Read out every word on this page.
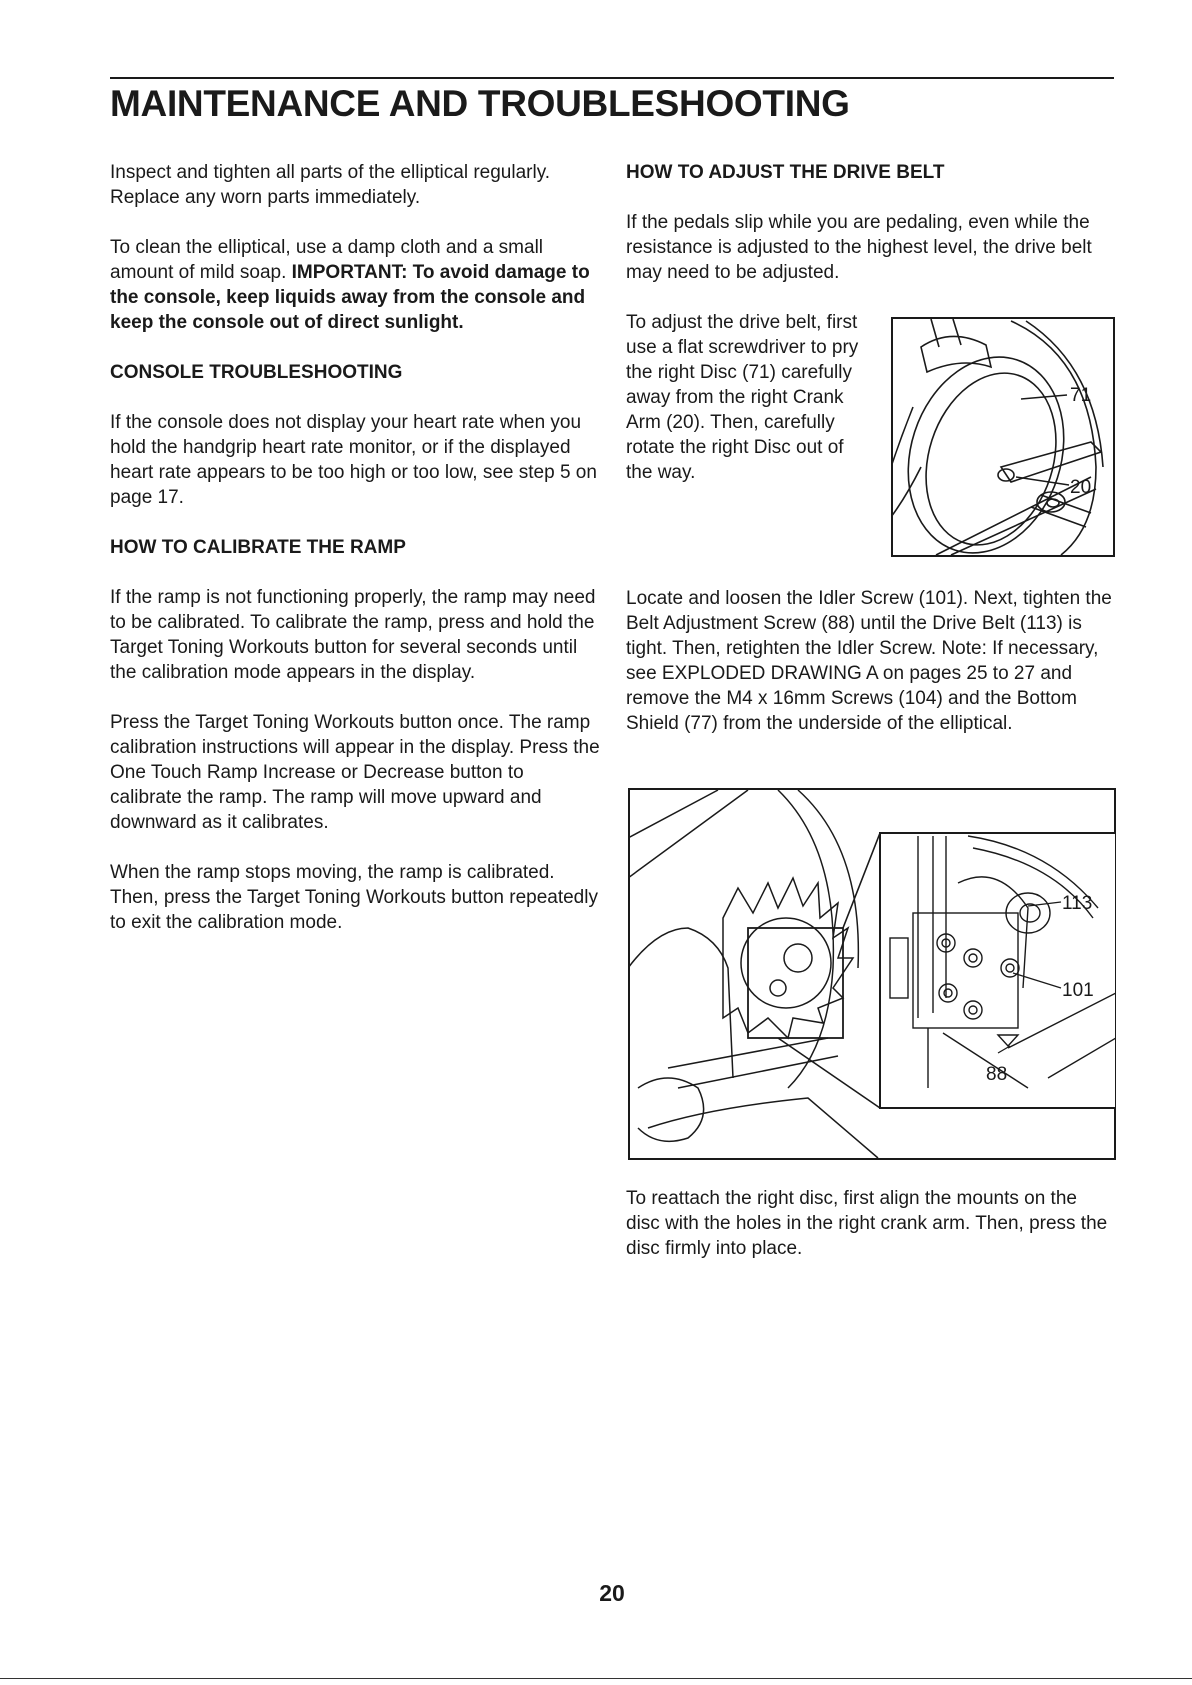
MAINTENANCE AND TROUBLESHOOTING

Inspect and tighten all parts of the elliptical regularly. Replace any worn parts immediately.

To clean the elliptical, use a damp cloth and a small amount of mild soap. IMPORTANT: To avoid damage to the console, keep liquids away from the console and keep the console out of direct sunlight.

CONSOLE TROUBLESHOOTING

If the console does not display your heart rate when you hold the handgrip heart rate monitor, or if the displayed heart rate appears to be too high or too low, see step 5 on page 17.

HOW TO CALIBRATE THE RAMP

If the ramp is not functioning properly, the ramp may need to be calibrated. To calibrate the ramp, press and hold the Target Toning Workouts button for several seconds until the calibration mode appears in the display.

Press the Target Toning Workouts button once. The ramp calibration instructions will appear in the display. Press the One Touch Ramp Increase or Decrease button to calibrate the ramp. The ramp will move upward and downward as it calibrates.

When the ramp stops moving, the ramp is calibrated. Then, press the Target Toning Workouts button repeatedly to exit the calibration mode.

HOW TO ADJUST THE DRIVE BELT

If the pedals slip while you are pedaling, even while the resistance is adjusted to the highest level, the drive belt may need to be adjusted.

To adjust the drive belt, first use a flat screwdriver to pry the right Disc (71) carefully away from the right Crank Arm (20). Then, carefully rotate the right Disc out of the way.

Locate and loosen the Idler Screw (101). Next, tighten the Belt Adjustment Screw (88) until the Drive Belt (113) is tight. Then, retighten the Idler Screw. Note: If necessary, see EXPLODED DRAWING A on pages 25 to 27 and remove the M4 x 16mm Screws (104) and the Bottom Shield (77) from the underside of the elliptical.

To reattach the right disc, first align the mounts on the disc with the holes in the right crank arm. Then, press the disc firmly into place.

71
20
113
101
88
20
